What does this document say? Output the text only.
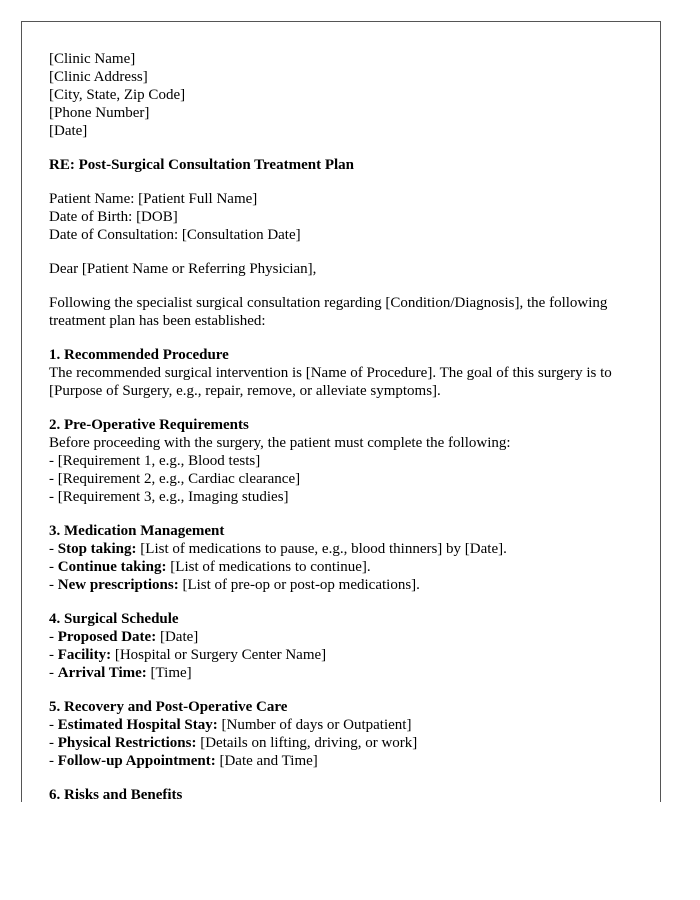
[Clinic Name]
[Clinic Address]
[City, State, Zip Code]
[Phone Number]
[Date]
RE: Post-Surgical Consultation Treatment Plan
Patient Name: [Patient Full Name]
Date of Birth: [DOB]
Date of Consultation: [Consultation Date]
Dear [Patient Name or Referring Physician],
Following the specialist surgical consultation regarding [Condition/Diagnosis], the following treatment plan has been established:
1. Recommended Procedure
The recommended surgical intervention is [Name of Procedure]. The goal of this surgery is to [Purpose of Surgery, e.g., repair, remove, or alleviate symptoms].
2. Pre-Operative Requirements
Before proceeding with the surgery, the patient must complete the following:
- [Requirement 1, e.g., Blood tests]
- [Requirement 2, e.g., Cardiac clearance]
- [Requirement 3, e.g., Imaging studies]
3. Medication Management
- Stop taking: [List of medications to pause, e.g., blood thinners] by [Date].
- Continue taking: [List of medications to continue].
- New prescriptions: [List of pre-op or post-op medications].
4. Surgical Schedule
- Proposed Date: [Date]
- Facility: [Hospital or Surgery Center Name]
- Arrival Time: [Time]
5. Recovery and Post-Operative Care
- Estimated Hospital Stay: [Number of days or Outpatient]
- Physical Restrictions: [Details on lifting, driving, or work]
- Follow-up Appointment: [Date and Time]
6. Risks and Benefits
